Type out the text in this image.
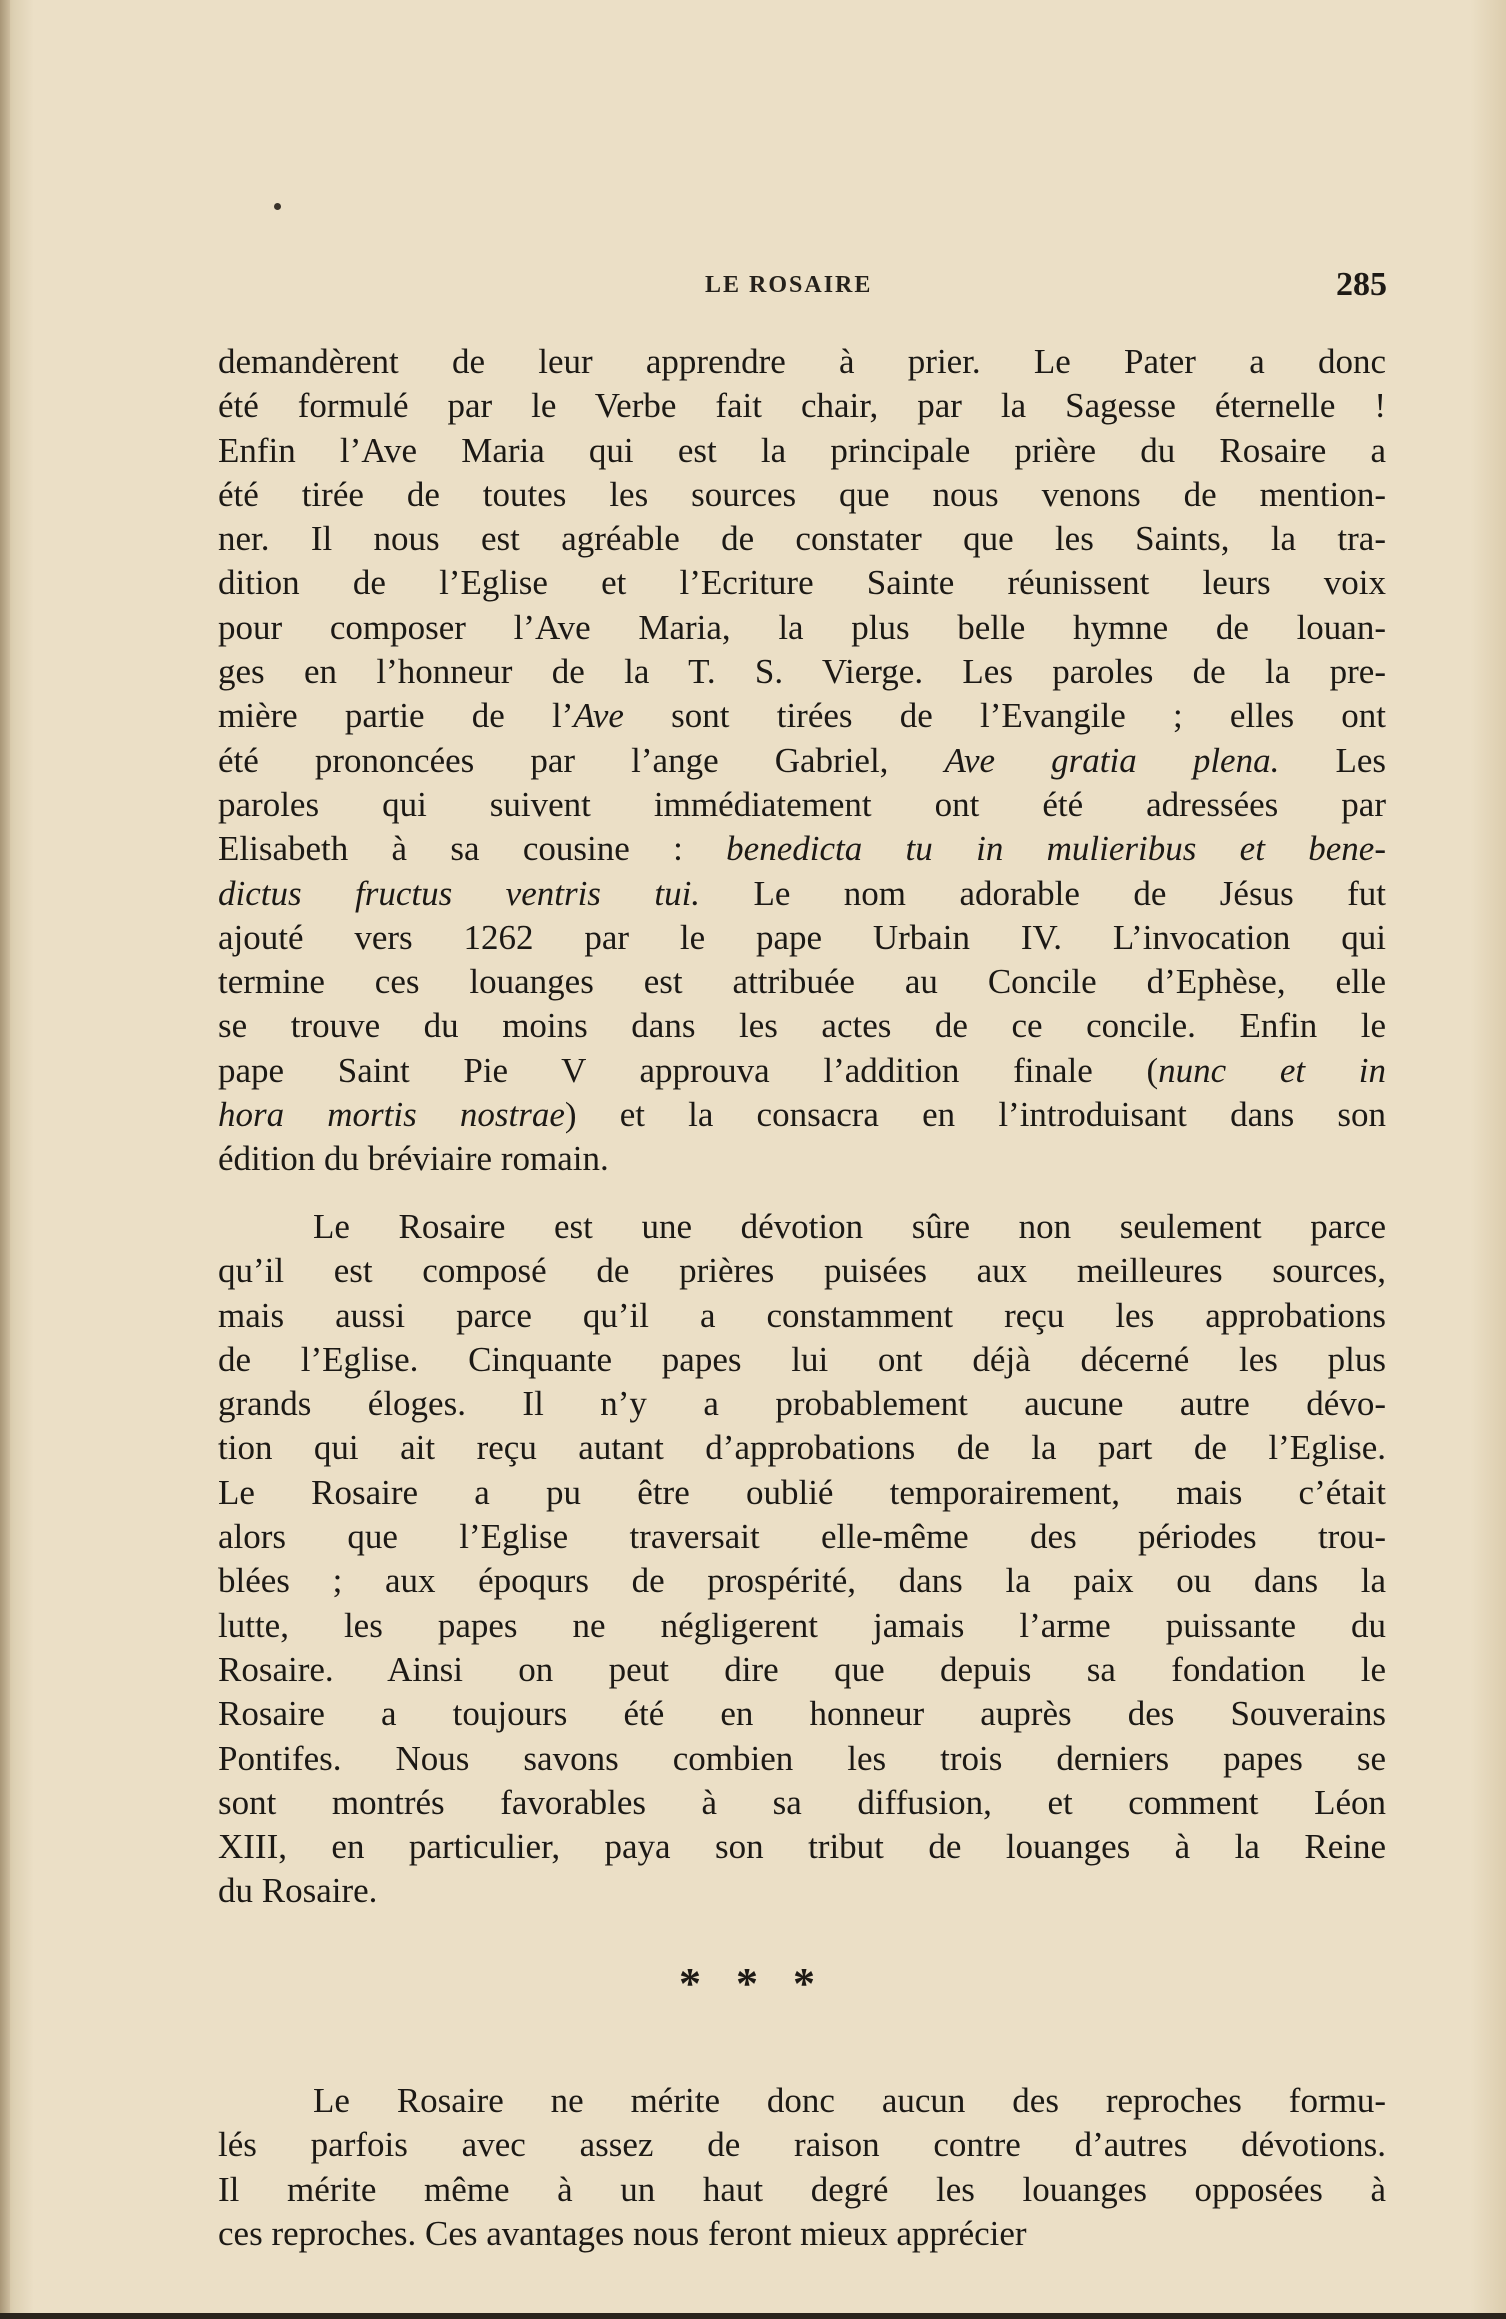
LE ROSAIRE	285
demandèrent de leur apprendre à prier. Le Pater a donc
été formulé par le Verbe fait chair, par la Sagesse éternelle !
Enfin l’Ave Maria qui est la principale prière du Rosaire a
été tirée de toutes les sources que nous venons de mention-
ner. Il nous est agréable de constater que les Saints, la tra-
dition de l’Eglise et l’Ecriture Sainte réunissent leurs voix
pour composer l’Ave Maria, la plus belle hymne de louan-
ges en l’honneur de la T. S. Vierge. Les paroles de la pre-
mière partie de l’Ave sont tirées de l’Evangile ; elles ont
été prononcées par l’ange Gabriel, Ave gratia plena. Les
paroles qui suivent immédiatement ont été adressées par
Elisabeth à sa cousine : benedicta tu in mulieribus et bene-
dictus fructus ventris tui. Le nom adorable de Jésus fut
ajouté vers 1262 par le pape Urbain IV. L’invocation qui
termine ces louanges est attribuée au Concile d’Ephèse, elle
se trouve du moins dans les actes de ce concile. Enfin le
pape Saint Pie V approuva l’addition finale (nunc et in
hora mortis nostrae) et la consacra en l’introduisant dans son
édition du bréviaire romain.
Le Rosaire est une dévotion sûre non seulement parce
qu’il est composé de prières puisées aux meilleures sources,
mais aussi parce qu’il a constamment reçu les approbations
de l’Eglise. Cinquante papes lui ont déjà décerné les plus
grands éloges. Il n’y a probablement aucune autre dévo-
tion qui ait reçu autant d’approbations de la part de l’Eglise.
Le Rosaire a pu être oublié temporairement, mais c’était
alors que l’Eglise traversait elle-même des périodes trou-
blées ; aux époqurs de prospérité, dans la paix ou dans la
lutte, les papes ne négligerent jamais l’arme puissante du
Rosaire. Ainsi on peut dire que depuis sa fondation le
Rosaire a toujours été en honneur auprès des Souverains
Pontifes. Nous savons combien les trois derniers papes se
sont montrés favorables à sa diffusion, et comment Léon
XIII, en particulier, paya son tribut de louanges à la Reine
du Rosaire.
* * *
Le Rosaire ne mérite donc aucun des reproches formu-
lés parfois avec assez de raison contre d’autres dévotions.
Il mérite même à un haut degré les louanges opposées à
ces reproches. Ces avantages nous feront mieux apprécier
